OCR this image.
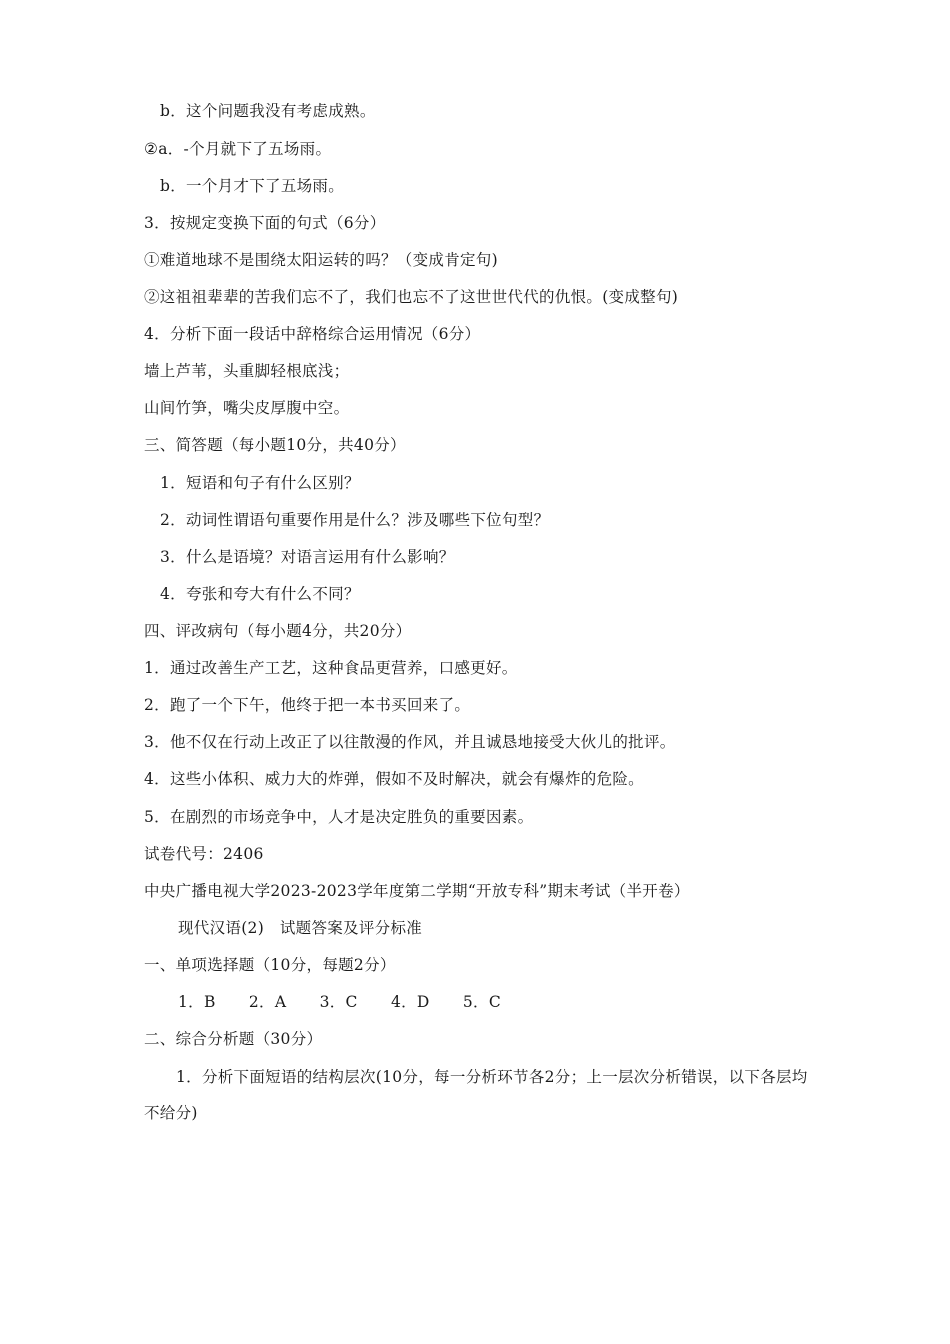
b．这个问题我没有考虑成熟。
②a．-个月就下了五场雨。
b．一个月才下了五场雨。
3．按规定变换下面的句式（6分）
①难道地球不是围绕太阳运转的吗？（变成肯定句)
②这祖祖辈辈的苦我们忘不了，我们也忘不了这世世代代的仇恨。(变成整句)
4．分析下面一段话中辞格综合运用情况（6分）
墙上芦苇，头重脚轻根底浅；
山间竹笋，嘴尖皮厚腹中空。
三、简答题（每小题10分，共40分）
1．短语和句子有什么区别？
2．动词性谓语句重要作用是什么？涉及哪些下位句型？
3．什么是语境？对语言运用有什么影响？
4．夸张和夸大有什么不同？
四、评改病句（每小题4分，共20分）
1．通过改善生产工艺，这种食品更营养，口感更好。
2．跑了一个下午，他终于把一本书买回来了。
3．他不仅在行动上改正了以往散漫的作风，并且诚恳地接受大伙儿的批评。
4．这些小体积、威力大的炸弹，假如不及时解决，就会有爆炸的危险。
5．在剧烈的市场竞争中，人才是决定胜负的重要因素。
试卷代号：2406
中央广播电视大学2023-2023学年度第二学期“开放专科”期末考试（半开卷）
现代汉语(2)　试题答案及评分标准
一、单项选择题（10分，每题2分）
1．B 2．A 3．C 4．D 5．C
二、综合分析题（30分）
1．分析下面短语的结构层次(10分，每一分析环节各2分；上一层次分析错误，以下各层均不给分)
